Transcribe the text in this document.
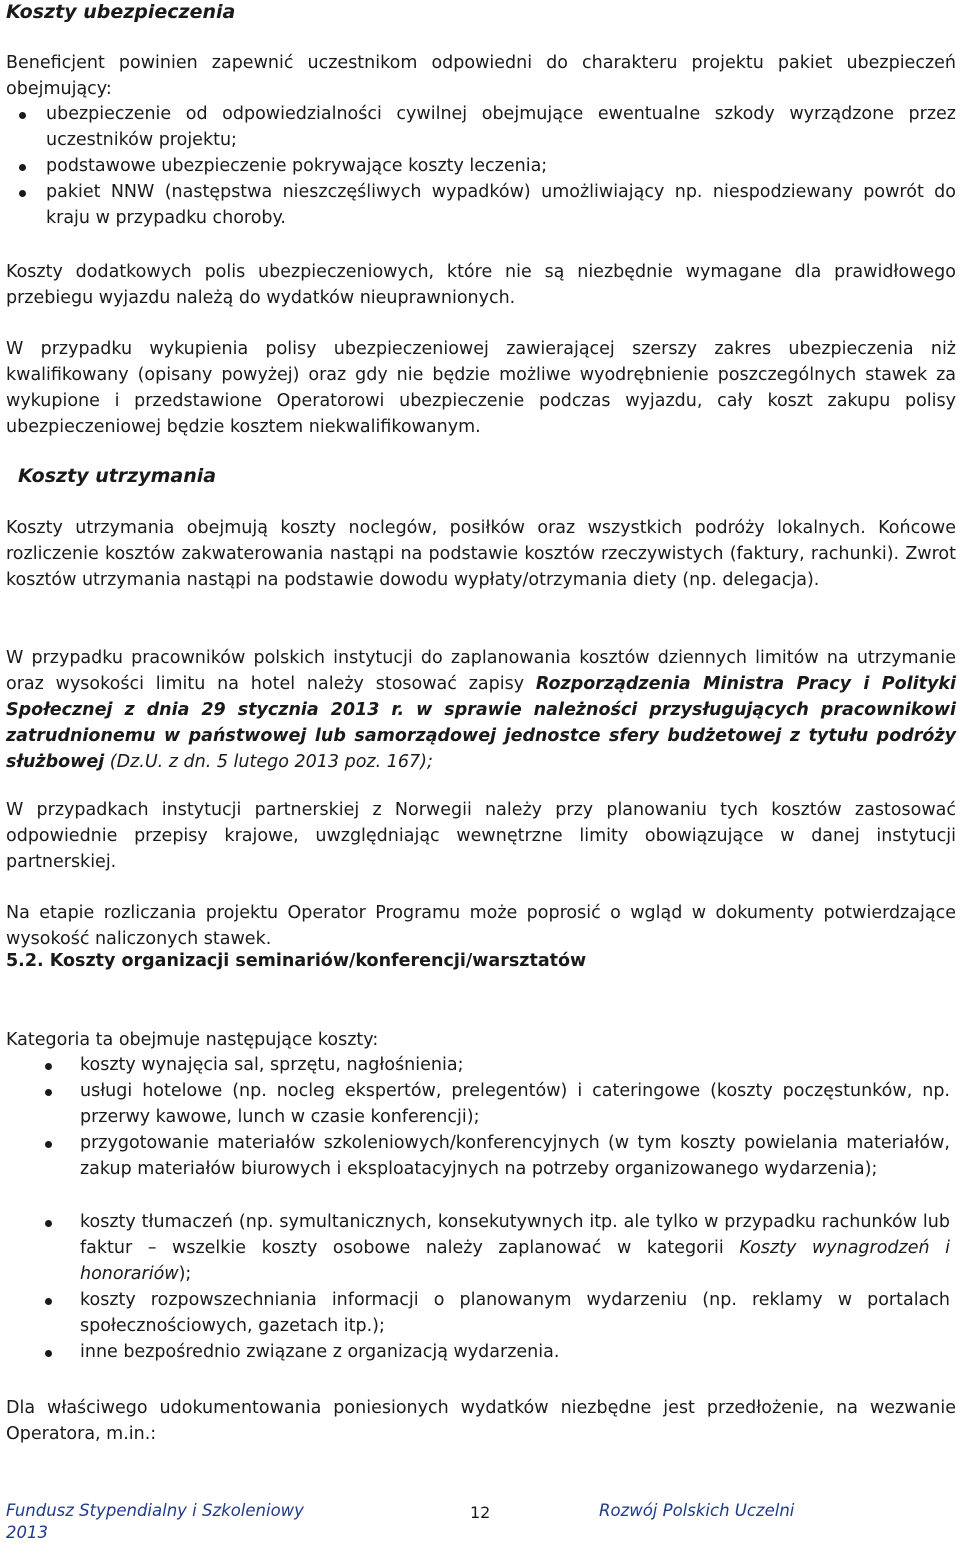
Koszty ubezpieczenia

Beneficjent powinien zapewnić uczestnikom odpowiedni do charakteru projektu pakiet ubezpieczeń obejmujący:

ubezpieczenie od odpowiedzialności cywilnej obejmujące ewentualne szkody wyrządzone przez uczestników projektu;

podstawowe ubezpieczenie pokrywające koszty leczenia;

pakiet NNW (następstwa nieszczęśliwych wypadków) umożliwiający np. niespodziewany powrót do kraju w przypadku choroby.

Koszty dodatkowych polis ubezpieczeniowych, które nie są niezbędnie wymagane dla prawidłowego przebiegu wyjazdu należą do wydatków nieuprawnionych.

W przypadku wykupienia polisy ubezpieczeniowej zawierającej szerszy zakres ubezpieczenia niż kwalifikowany (opisany powyżej) oraz gdy nie będzie możliwe wyodrębnienie poszczególnych stawek za wykupione i przedstawione Operatorowi ubezpieczenie podczas wyjazdu, cały koszt zakupu polisy ubezpieczeniowej będzie kosztem niekwalifikowanym.

Koszty utrzymania

Koszty utrzymania obejmują koszty noclegów, posiłków oraz wszystkich podróży lokalnych. Końcowe rozliczenie kosztów zakwaterowania nastąpi na podstawie kosztów rzeczywistych (faktury, rachunki). Zwrot kosztów utrzymania nastąpi na podstawie dowodu wypłaty/otrzymania diety (np. delegacja).

W przypadku pracowników polskich instytucji do zaplanowania kosztów dziennych limitów na utrzymanie oraz wysokości limitu na hotel należy stosować zapisy Rozporządzenia Ministra Pracy i Polityki Społecznej z dnia 29 stycznia 2013 r. w sprawie należności przysługujących pracownikowi zatrudnionemu w państwowej lub samorządowej jednostce sfery budżetowej z tytułu podróży służbowej (Dz.U. z dn. 5 lutego 2013 poz. 167);

W przypadkach instytucji partnerskiej z Norwegii należy przy planowaniu tych kosztów zastosować odpowiednie przepisy krajowe, uwzględniając wewnętrzne limity obowiązujące w danej instytucji partnerskiej.

Na etapie rozliczania projektu Operator Programu może poprosić o wgląd w dokumenty potwierdzające wysokość naliczonych stawek.

5.2. Koszty organizacji seminariów/konferencji/warsztatów

Kategoria ta obejmuje następujące koszty:

koszty wynajęcia sal, sprzętu, nagłośnienia;

usługi hotelowe (np. nocleg ekspertów, prelegentów) i cateringowe (koszty poczęstunków, np. przerwy kawowe, lunch w czasie konferencji);

przygotowanie materiałów szkoleniowych/konferencyjnych (w tym koszty powielania materiałów, zakup materiałów biurowych i eksploatacyjnych na potrzeby organizowanego wydarzenia);

koszty tłumaczeń (np. symultanicznych, konsekutywnych itp. ale tylko w przypadku rachunków lub faktur – wszelkie koszty osobowe należy zaplanować w kategorii Koszty wynagrodzeń i honorariów);

koszty rozpowszechniania informacji o planowanym wydarzeniu (np. reklamy w portalach społecznościowych, gazetach itp.);

inne bezpośrednio związane z organizacją wydarzenia.

Dla właściwego udokumentowania poniesionych wydatków niezbędne jest przedłożenie, na wezwanie Operatora, m.in.:

Fundusz Stypendialny i Szkoleniowy 2013

12	Rozwój Polskich Uczelni
